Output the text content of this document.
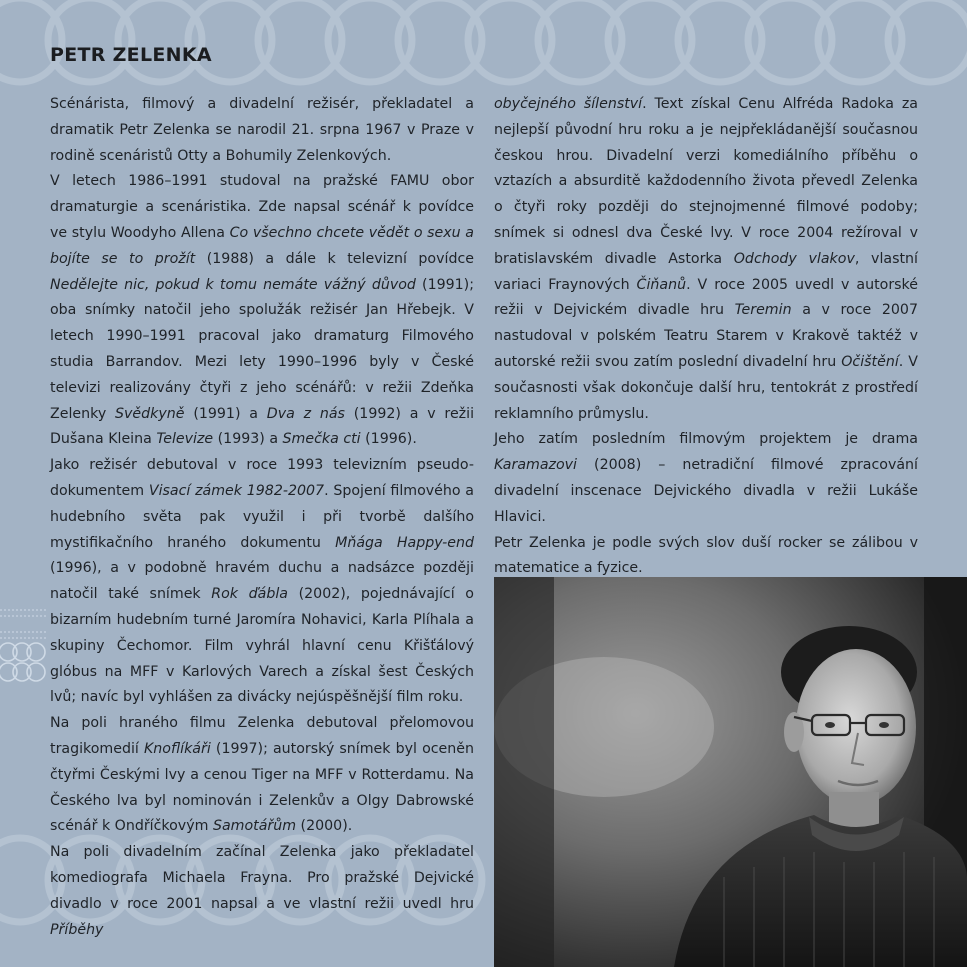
PETR ZELENKA

Scénárista, filmový a divadelní režisér, překladatel a dramatik Petr Zelenka se narodil 21. srpna 1967 v Praze v rodině scenáristů Otty a Bohumily Zelenkových.

V letech 1986–1991 studoval na pražské FAMU obor dramaturgie a scenáristika. Zde napsal scénář k povídce ve stylu Woodyho Allena Co všechno chcete vědět o sexu a bojíte se to prožít (1988) a dále k televizní povídce Nedělejte nic, pokud k tomu nemáte vážný důvod (1991); oba snímky natočil jeho spolužák režisér Jan Hřebejk. V letech 1990–1991 pracoval jako dramaturg Filmového studia Barrandov. Mezi lety 1990–1996 byly v České televizi realizovány čtyři z jeho scénářů: v režii Zdeňka Zelenky Svědkyně (1991) a Dva z nás (1992) a v režii Dušana Kleina Televize (1993) a Smečka cti (1996).

Jako režisér debutoval v roce 1993 televizním pseudo-dokumentem Visací zámek 1982-2007. Spojení filmového a hudebního světa pak využil i při tvorbě dalšího mystifikačního hraného dokumentu Mňága Happy-end (1996), a v podobně hravém duchu a nadsázce později natočil také snímek Rok ďábla (2002), pojednávající o bizarním hudebním turné Jaromíra Nohavici, Karla Plíhala a skupiny Čechomor. Film vyhrál hlavní cenu Křišťálový glóbus na MFF v Karlových Varech a získal šest Českých lvů; navíc byl vyhlášen za divácky nejúspěšnější film roku.

Na poli hraného filmu Zelenka debutoval přelomovou tragikomedií Knoflíkáři (1997); autorský snímek byl oceněn čtyřmi Českými lvy a cenou Tiger na MFF v Rotterdamu. Na Českého lva byl nominován i Zelenkův a Olgy Dabrowské scénář k Ondříčkovým Samotářům (2000).

Na poli divadelním začínal Zelenka jako překladatel komediografa Michaela Frayna. Pro pražské Dejvické divadlo v roce 2001 napsal a ve vlastní režii uvedl hru Příběhy

obyčejného šílenství. Text získal Cenu Alfréda Radoka za nejlepší původní hru roku a je nejpřekládanější současnou českou hrou. Divadelní verzi komediálního příběhu o vztazích a absurditě každodenního života převedl Zelenka o čtyři roky později do stejnojmenné filmové podoby; snímek si odnesl dva České lvy. V roce 2004 režíroval v bratislavském divadle Astorka Odchody vlakov, vlastní variaci Fraynových Čiňanů. V roce 2005 uvedl v autorské režii v Dejvickém divadle hru Teremin a v roce 2007 nastudoval v polském Teatru Starem v Krakově taktéž v autorské režii svou zatím poslední divadelní hru Očištění. V současnosti však dokončuje další hru, tentokrát z prostředí reklamního průmyslu.

Jeho zatím posledním filmovým projektem je drama Karamazovi (2008) – netradiční filmové zpracování divadelní inscenace Dejvického divadla v režii Lukáše Hlavici.

Petr Zelenka je podle svých slov duší rocker se zálibou v matematice a fyzice.
